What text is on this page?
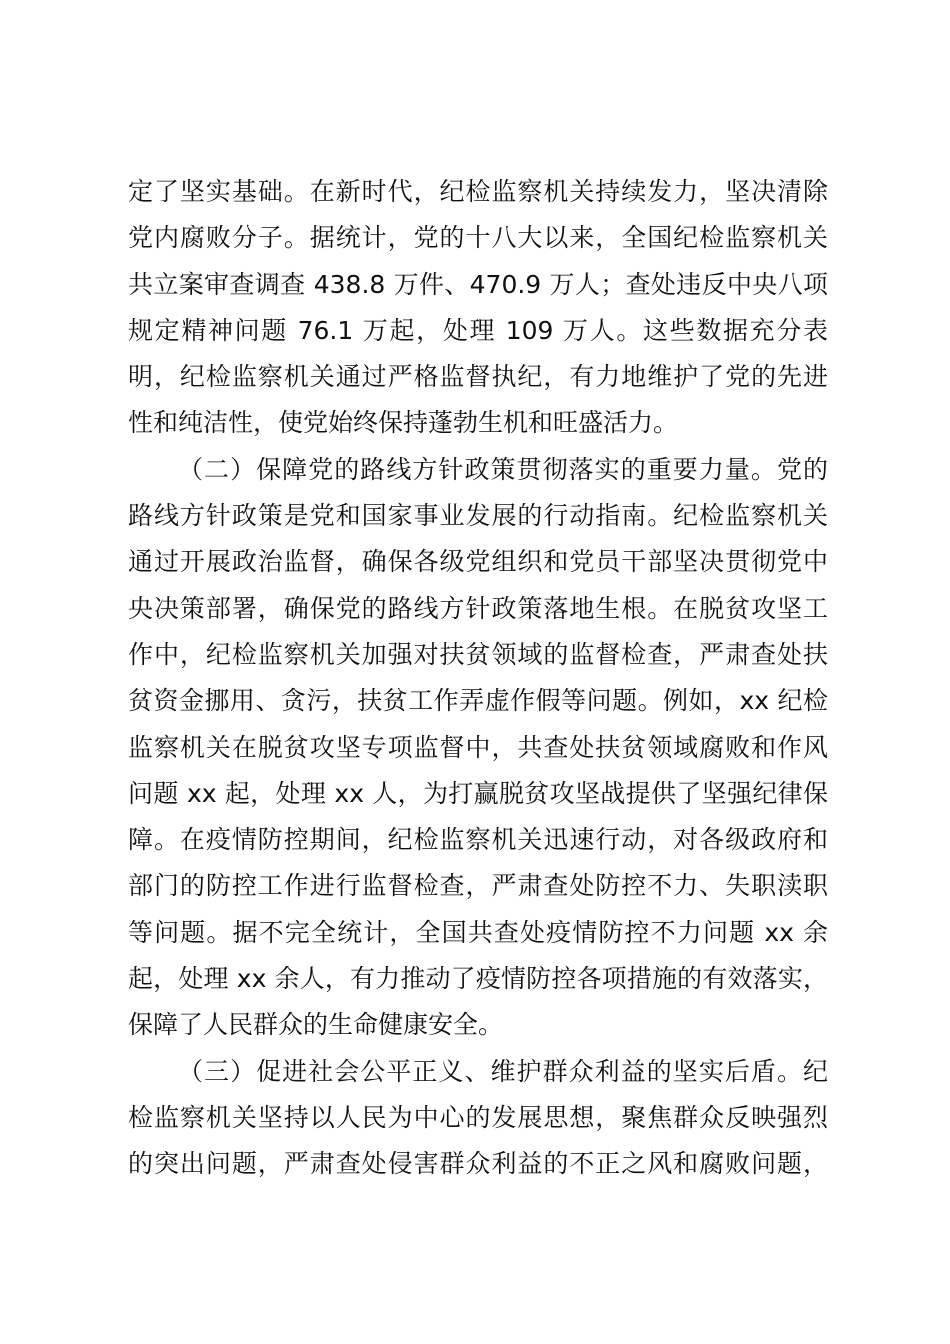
定了坚实基础。在新时代，纪检监察机关持续发力，坚决清除
党内腐败分子。据统计，党的十八大以来，全国纪检监察机关
共立案审查调查 438.8 万件、470.9 万人；查处违反中央八项
规定精神问题 76.1 万起，处理 109 万人。这些数据充分表
明，纪检监察机关通过严格监督执纪，有力地维护了党的先进
性和纯洁性，使党始终保持蓬勃生机和旺盛活力。
（二）保障党的路线方针政策贯彻落实的重要力量。党的
路线方针政策是党和国家事业发展的行动指南。纪检监察机关
通过开展政治监督，确保各级党组织和党员干部坚决贯彻党中
央决策部署，确保党的路线方针政策落地生根。在脱贫攻坚工
作中，纪检监察机关加强对扶贫领域的监督检查，严肃查处扶
贫资金挪用、贪污，扶贫工作弄虚作假等问题。例如，xx 纪检
监察机关在脱贫攻坚专项监督中，共查处扶贫领域腐败和作风
问题 xx 起，处理 xx 人，为打赢脱贫攻坚战提供了坚强纪律保
障。在疫情防控期间，纪检监察机关迅速行动，对各级政府和
部门的防控工作进行监督检查，严肃查处防控不力、失职渎职
等问题。据不完全统计，全国共查处疫情防控不力问题 xx 余
起，处理 xx 余人，有力推动了疫情防控各项措施的有效落实，
保障了人民群众的生命健康安全。
（三）促进社会公平正义、维护群众利益的坚实后盾。纪
检监察机关坚持以人民为中心的发展思想，聚焦群众反映强烈
的突出问题，严肃查处侵害群众利益的不正之风和腐败问题，
